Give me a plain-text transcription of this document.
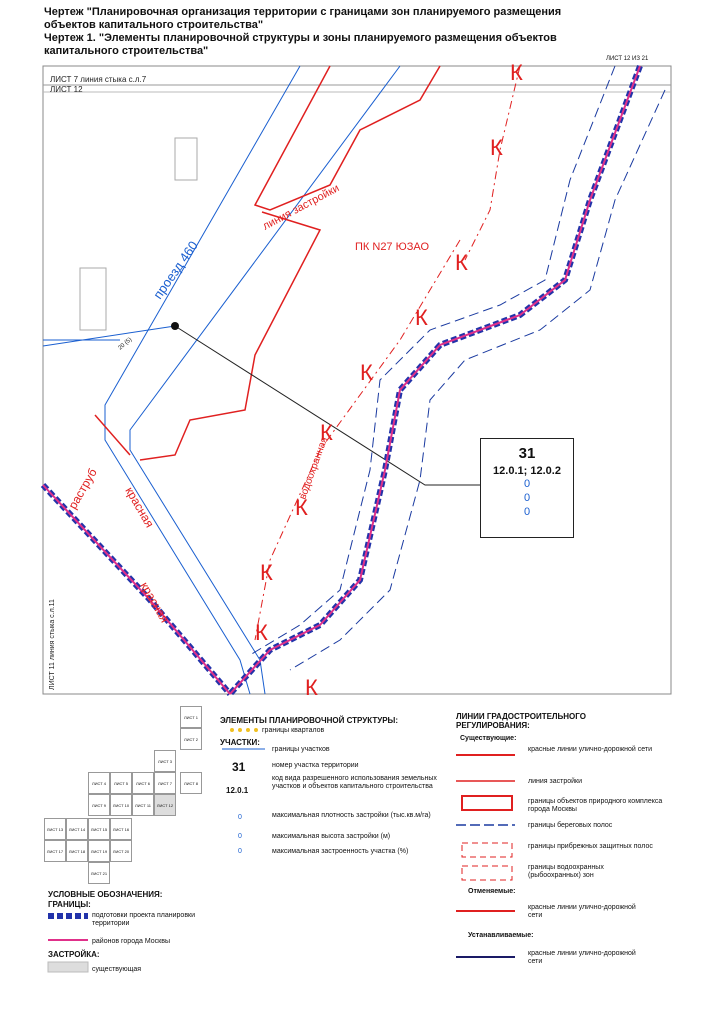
Чертеж "Планировочная организация территории с границами зон планируемого размещения объектов капитального строительства"
Чертеж 1. "Элементы планировочной структуры и зоны планируемого размещения объектов капитального строительства"
ЛИСТ 12 ИЗ 21
К
К
К
К
К
К
К
К
К
К
проезд 460
линия застройки
ПК N27 ЮЗАО
водоохранная
раструб красная
красная
ЛИСТ 7 линия стыка с.л.7
ЛИСТ 12
ЛИСТ 11 линия стыка с.л.11
20 (5)
31
12.0.1; 12.0.2
0
0
0
ЛИСТ 1
ЛИСТ 2
ЛИСТ 3
ЛИСТ 4	ЛИСТ 5	ЛИСТ 6	ЛИСТ 7	ЛИСТ 8
ЛИСТ 9	ЛИСТ 10	ЛИСТ 11	ЛИСТ 12
ЛИСТ 13	ЛИСТ 14	ЛИСТ 15	ЛИСТ 16
ЛИСТ 17	ЛИСТ 18	ЛИСТ 19	ЛИСТ 20
ЛИСТ 21
ЭЛЕМЕНТЫ ПЛАНИРОВОЧНОЙ СТРУКТУРЫ:
границы кварталов
УЧАСТКИ:
границы участков
31	номер участка территории
12.0.1
код вида разрешенного использования земельных участков и объектов капитального строительства
0	максимальная плотность застройки (тыс.кв.м/га)
0	максимальная высота застройки (м)
0	максимальная застроенность участка (%)
ЛИНИИ ГРАДОСТРОИТЕЛЬНОГО РЕГУЛИРОВАНИЯ:
Существующие:
красные линии улично-дорожной сети
линия застройки
границы объектов природного комплекса города Москвы
границы береговых полос
границы прибрежных защитных полос
границы водоохранных (рыбоохранных) зон
Отменяемые:
красные линии улично-дорожной сети
Устанавливаемые:
красные линии улично-дорожной сети
УСЛОВНЫЕ ОБОЗНАЧЕНИЯ:
ГРАНИЦЫ:
подготовки проекта планировки территории
районов города Москвы
ЗАСТРОЙКА:
существующая
